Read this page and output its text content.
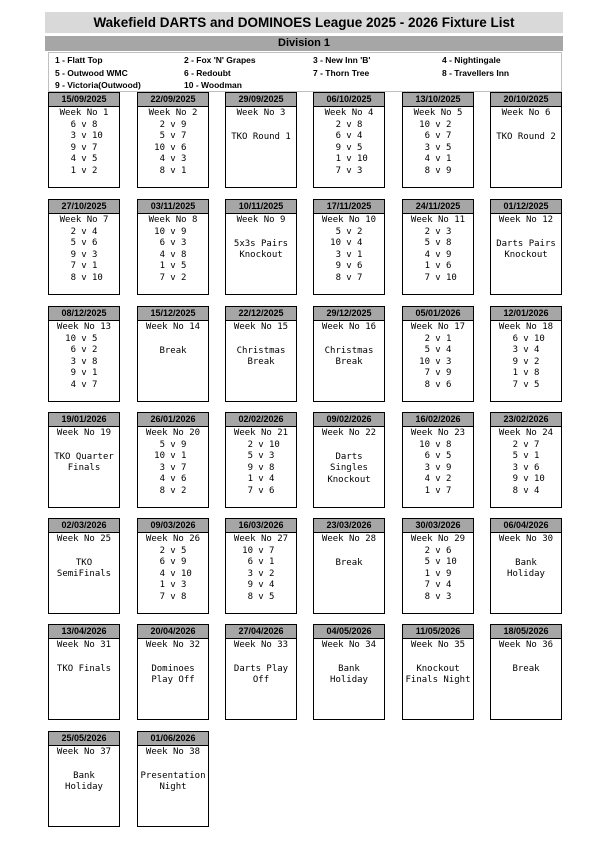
Wakefield DARTS and DOMINOES League 2025 - 2026 Fixture List
Division 1
1 - Flatt Top	2 - Fox 'N' Grapes	3 - New Inn 'B'	4 - Nightingale
5 - Outwood WMC	6 - Redoubt	7 - Thorn Tree	8 - Travellers Inn
9 - Victoria(Outwood)	10 - Woodman
15/09/2025
Week No 1
6 v 8
3 v 10
9 v 7
4 v 5
1 v 2
22/09/2025
Week No 2
2 v 9
5 v 7
10 v 6
4 v 3
8 v 1
29/09/2025
Week No 3
TKO Round 1
06/10/2025
Week No 4
2 v 8
6 v 4
9 v 5
1 v 10
7 v 3
13/10/2025
Week No 5
10 v 2
6 v 7
3 v 5
4 v 1
8 v 9
20/10/2025
Week No 6
TKO Round 2
27/10/2025
Week No 7
2 v 4
5 v 6
9 v 3
7 v 1
8 v 10
03/11/2025
Week No 8
10 v 9
6 v 3
4 v 8
1 v 5
7 v 2
10/11/2025
Week No 9
5x3s Pairs
Knockout
17/11/2025
Week No 10
5 v 2
10 v 4
3 v 1
9 v 6
8 v 7
24/11/2025
Week No 11
2 v 3
5 v 8
4 v 9
1 v 6
7 v 10
01/12/2025
Week No 12
Darts Pairs
Knockout
08/12/2025
Week No 13
10 v 5
6 v 2
3 v 8
9 v 1
4 v 7
15/12/2025
Week No 14
Break
22/12/2025
Week No 15
Christmas
Break
29/12/2025
Week No 16
Christmas
Break
05/01/2026
Week No 17
2 v 1
5 v 4
10 v 3
7 v 9
8 v 6
12/01/2026
Week No 18
6 v 10
3 v 4
9 v 2
1 v 8
7 v 5
19/01/2026
Week No 19
TKO Quarter
Finals
26/01/2026
Week No 20
5 v 9
10 v 1
3 v 7
4 v 6
8 v 2
02/02/2026
Week No 21
2 v 10
5 v 3
9 v 8
1 v 4
7 v 6
09/02/2026
Week No 22
Darts
Singles
Knockout
16/02/2026
Week No 23
10 v 8
6 v 5
3 v 9
4 v 2
1 v 7
23/02/2026
Week No 24
2 v 7
5 v 1
3 v 6
9 v 10
8 v 4
02/03/2026
Week No 25
TKO
SemiFinals
09/03/2026
Week No 26
2 v 5
6 v 9
4 v 10
1 v 3
7 v 8
16/03/2026
Week No 27
10 v 7
6 v 1
3 v 2
9 v 4
8 v 5
23/03/2026
Week No 28
Break
30/03/2026
Week No 29
2 v 6
5 v 10
1 v 9
7 v 4
8 v 3
06/04/2026
Week No 30
Bank
Holiday
13/04/2026
Week No 31
TKO Finals
20/04/2026
Week No 32
Dominoes
Play Off
27/04/2026
Week No 33
Darts Play
Off
04/05/2026
Week No 34
Bank
Holiday
11/05/2026
Week No 35
Knockout
Finals Night
18/05/2026
Week No 36
Break
25/05/2026
Week No 37
Bank
Holiday
01/06/2026
Week No 38
Presentation
Night
